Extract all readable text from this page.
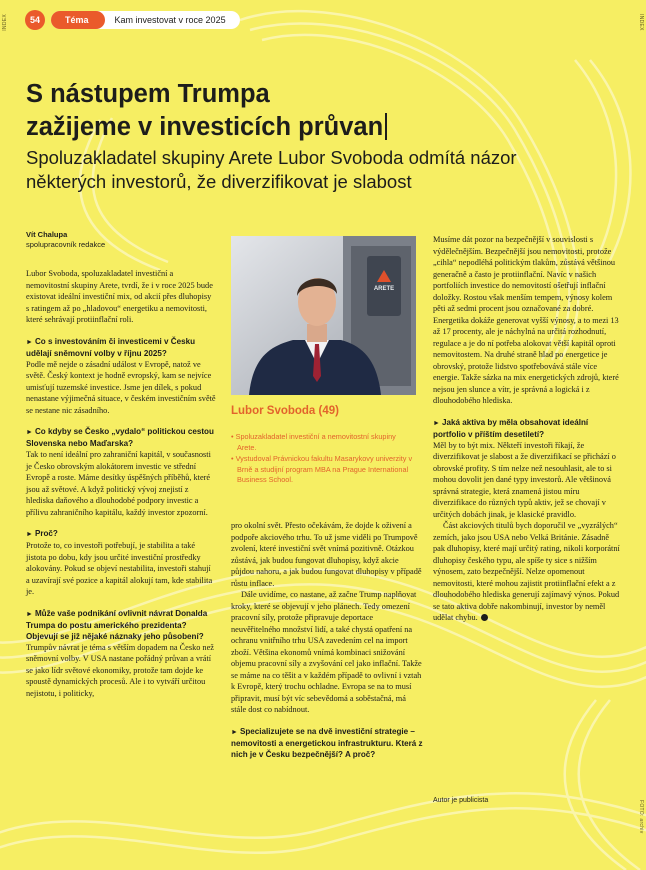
INDEX	INDEX
FOTO: archiv
54	Téma	Kam investovat v roce 2025
S nástupem Trumpa
zažijeme v investicích průvan
Spoluzakladatel skupiny Arete Lubor Svoboda odmítá názor některých investorů, že diverzifikovat je slabost
Vít Chalupa
spolupracovník redakce

Lubor Svoboda, spoluzakladatel investiční a nemovitostní skupiny Arete, tvrdí, že i v roce 2025 bude existovat ideální investiční mix, od akcií přes dluhopisy s ratingem až po „hladovou“ energetiku a nemovitosti, které sehrávají protiinflační roli.

► Co s investováním či investicemi v Česku udělají sněmovní volby v říjnu 2025?

Podle mě nejde o zásadní událost v Evropě, natož ve světě. Český kontext je hodně evropský, kam se nejvíce umisťují tuzemské investice. Jsme jen dílek, s pokud nenastane výjimečná situace, v českém investičním světě se nestane nic zásadního.

► Co kdyby se Česko „vydalo“ politickou cestou Slovenska nebo Maďarska?

Tak to není ideální pro zahraniční kapitál, v současnosti je Česko obrovským alokátorem investic ve střední Evropě a roste. Máme desítky úspěšných příběhů, které jsou až světové. A když politický vývoj znejistí z hlediska daňového a dlouhodobé podpory investic a přílivu zahraničního kapitálu, každý investor zpozorní.

► Proč?

Protože to, co investoři potřebují, je stabilita a také jistota po dobu, kdy jsou určité investiční prostředky alokovány. Pokud se objeví nestabilita, investoři stahují a uzavírají své pozice a kapitál alokují tam, kde stabilita je.

► Může vaše podnikání ovlivnit návrat Donalda Trumpa do postu amerického prezidenta? Objevují se již nějaké náznaky jeho působení?

Trumpův návrat je téma s větším dopadem na Česko než sněmovní volby. V USA nastane pořádný průvan a vrátí se jako lídr světové ekonomiky, protože tam dojde ke spoustě dynamických procesů. Ale i to vytváří určitou nejistotu, i politicky,

ARETE
Lubor Svoboda (49)
• Spoluzakladatel investiční a nemovitostní skupiny Arete.
• Vystudoval Právnickou fakultu Masarykovy univerzity v Brně a studijní program MBA na Prague International Business School.

pro okolní svět. Přesto očekávám, že dojde k oživení a podpoře akciového trhu. To už jsme viděli po Trumpově zvolení, které investiční svět vnímá pozitivně. Otázkou zůstává, jak budou fungovat dluhopisy, když akcie půjdou nahoru, a jak budou fungovat dluhopisy v případě růstu inflace.

Dále uvidíme, co nastane, až začne Trump naplňovat kroky, které se objevují v jeho plánech. Tedy omezení pracovní síly, protože připravuje deportace neuvěřitelného množství lidí, a také chystá opatření na ochranu vnitřního trhu USA zavedením cel na import zboží. Většina ekonomů vnímá kombinaci snižování objemu pracovní síly a zvyšování cel jako inflační. Takže se máme na co těšit a v každém případě to ovlivní i vztah k Evropě, který trochu ochladne. Evropa se na to musí připravit, musí být víc sebevědomá a soběstačná, má stále dost co nabídnout.

► Specializujete se na dvě investiční strategie – nemovitosti a energetickou infrastrukturu. Která z nich je v Česku bezpečnější? A proč?

Musíme dát pozor na bezpečnější v souvislosti s výdělečnějším. Bezpečnější jsou nemovitosti, protože „cihla“ nepodléhá politickým tlakům, zůstává většinou generačně a často je protiinflační. Navíc v našich portfoliích investice do nemovitostí ošetřují inflační doložky. Rostou však menším tempem, výnosy kolem pěti až sedmi procent jsou označované za dobré. Energetika dokáže generovat vyšší výnosy, a to mezi 13 až 17 procenty, ale je náchylná na určitá rozhodnutí, regulace a je do ní potřeba alokovat větší kapitál oproti nemovitostem. Na druhé straně hlad po energetice je obrovský, protože lidstvo spotřebovává stále více energie. Takže sázka na mix energetických zdrojů, které nejsou jen slunce a vítr, je správná a logická i z dlouhodobého hlediska.

► Jaká aktiva by měla obsahovat ideální portfolio v příštím desetiletí?

Měl by to být mix. Někteří investoři říkají, že diverzifikovat je slabost a že diverzifikací se přichází o obrovské profity. S tím nelze než nesouhlasit, ale to si mohou dovolit jen dané typy investorů. Ale většinová správná strategie, která znamená jistou míru diverzifikace do různých typů aktiv, jež se chovají v určitých dobách jinak, je klasické pravidlo.

Část akciových titulů bych doporučil ve „vyzrálých“ zemích, jako jsou USA nebo Velká Británie. Zásadně pak dluhopisy, které mají určitý rating, nikoli korporátní dluhopisy českého typu, ale spíše ty sice s nižším výnosem, zato bezpečnější. Nelze opomenout nemovitosti, které mohou zajistit protiinflační efekt a z dlouhodobého hlediska generují zajímavý výnos. Pokud se tato aktiva dobře nakombinují, investor by neměl udělat chybu.

Autor je publicista
